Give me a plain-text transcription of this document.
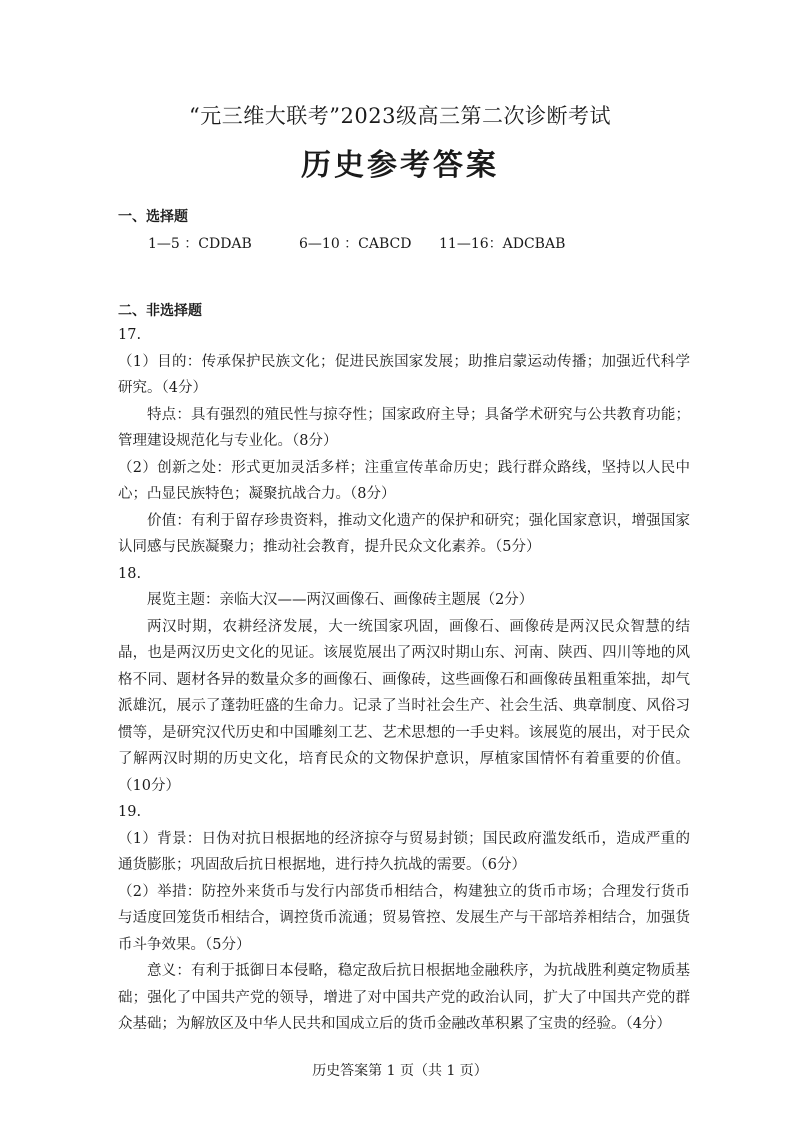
“元三维大联考”2023级高三第二次诊断考试
历史参考答案
一、选择题
1—5 ：CDDAB	6—10 ：CABCD 11—16：ADCBAB
二、非选择题

17.

（1）目的：传承保护民族文化；促进民族国家发展；助推启蒙运动传播；加强近代科学研究。（4分）

特点：具有强烈的殖民性与掠夺性；国家政府主导；具备学术研究与公共教育功能；管理建设规范化与专业化。（8分）

（2）创新之处：形式更加灵活多样；注重宣传革命历史；践行群众路线，坚持以人民中心；凸显民族特色；凝聚抗战合力。（8分）

价值：有利于留存珍贵资料，推动文化遗产的保护和研究；强化国家意识，增强国家认同感与民族凝聚力；推动社会教育，提升民众文化素养。（5分）

18.

展览主题：亲临大汉——两汉画像石、画像砖主题展（2分）

两汉时期，农耕经济发展，大一统国家巩固，画像石、画像砖是两汉民众智慧的结晶，也是两汉历史文化的见证。该展览展出了两汉时期山东、河南、陕西、四川等地的风格不同、题材各异的数量众多的画像石、画像砖，这些画像石和画像砖虽粗重笨拙，却气派雄沉，展示了蓬勃旺盛的生命力。记录了当时社会生产、社会生活、典章制度、风俗习惯等，是研究汉代历史和中国雕刻工艺、艺术思想的一手史料。该展览的展出，对于民众了解两汉时期的历史文化，培育民众的文物保护意识，厚植家国情怀有着重要的价值。（10分）

19.

（1）背景：日伪对抗日根据地的经济掠夺与贸易封锁；国民政府滥发纸币，造成严重的通货膨胀；巩固敌后抗日根据地，进行持久抗战的需要。（6分）

（2）举措：防控外来货币与发行内部货币相结合，构建独立的货币市场；合理发行货币与适度回笼货币相结合，调控货币流通；贸易管控、发展生产与干部培养相结合，加强货币斗争效果。（5分）

意义：有利于抵御日本侵略，稳定敌后抗日根据地金融秩序，为抗战胜利奠定物质基础；强化了中国共产党的领导，增进了对中国共产党的政治认同，扩大了中国共产党的群众基础；为解放区及中华人民共和国成立后的货币金融改革积累了宝贵的经验。（4分）

历史答案第 1 页（共 1 页）
